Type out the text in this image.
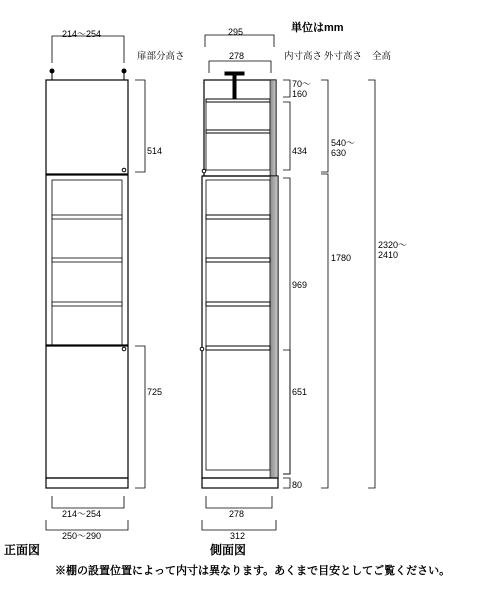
214～254
扉部分高さ
514
725
214～254
250～290
正面図
295
278
単位はmm
内寸高さ 外寸高さ 全高
70～
160
434
969
651
80
540～
630
1780
2320～
2410
278
312
側面図
※棚の設置位置によって内寸は異なります。あくまで目安としてご覧ください。
